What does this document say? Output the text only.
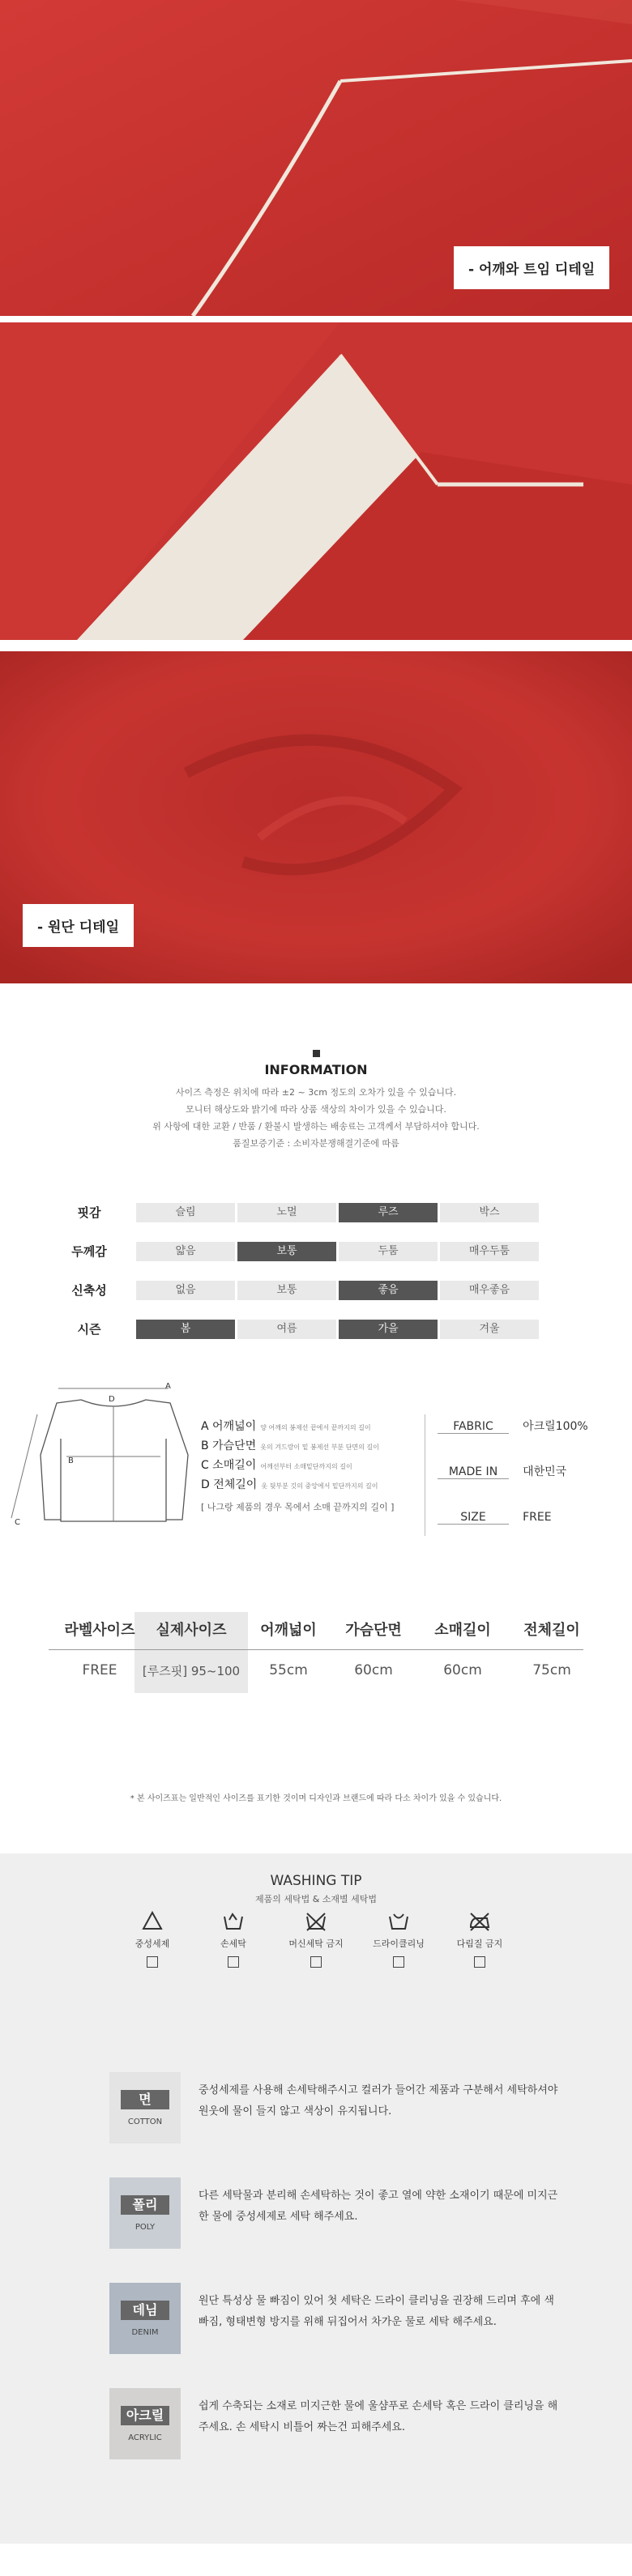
- 어깨와 트임 디테일
- 원단 디테일
INFORMATION
사이즈 측정은 위치에 따라 ±2 ~ 3cm 정도의 오차가 있을 수 있습니다.
모니터 해상도와 밝기에 따라 상품 색상의 차이가 있을 수 있습니다.
위 사항에 대한 교환 / 반품 / 환불시 발생하는 배송료는 고객께서 부담하셔야 합니다.
품질보증기준 : 소비자분쟁해결기준에 따름
핏감	슬림	노멀	루즈	박스
두께감	얇음	보통	두툼	매우두툼
신축성	없음	보통	좋음	매우좋음
시즌	봄	여름	가을	겨울
A
B
C
D
A 어깨넓이 양 어깨의 봉제선 끝에서 끝까지의 길이
B 가슴단면 옷의 겨드랑이 밑 봉제선 부분 단면의 길이
C 소매길이 어깨선부터 소매밑단까지의 길이
D 전체길이 옷 뒷부분 깃의 중앙에서 밑단까지의 길이
[ 나그랑 제품의 경우 목에서 소매 끝까지의 길이 ]
FABRIC	아크릴100%
MADE IN 대한민국
SIZE	FREE
라벨사이즈	실제사이즈	어깨넓이	가슴단면	소매길이	전체길이
FREE	[루즈핏] 95~100	55cm	60cm	60cm	75cm
* 본 사이즈표는 일반적인 사이즈를 표기한 것이며 디자인과 브랜드에 따라 다소 차이가 있을 수 있습니다.
WASHING TIP
제품의 세탁법 & 소재별 세탁법
중성세제	손세탁	머신세탁 금지	드라이클리닝	다림질 금지
면
COTTON
중성세제를 사용해 손세탁해주시고 컬러가 들어간 제품과 구분해서 세탁하셔야 원웃에 물이 들지 않고 색상이 유지됩니다.
폴리
POLY
다른 세탁물과 분리해 손세탁하는 것이 좋고 열에 약한 소재이기 때문에 미지근한 물에 중성세제로 세탁 해주세요.
데님
DENIM
원단 특성상 물 빠짐이 있어 첫 세탁은 드라이 클리닝을 권장해 드리며 후에 색빠짐, 형태변형 방지를 위해 뒤집어서 차가운 물로 세탁 해주세요.
아크릴
ACRYLIC
쉽게 수축되는 소재로 미지근한 물에 울샴푸로 손세탁 혹은 드라이 클리닝을 해주세요. 손 세탁시 비틀어 짜는건 피해주세요.
